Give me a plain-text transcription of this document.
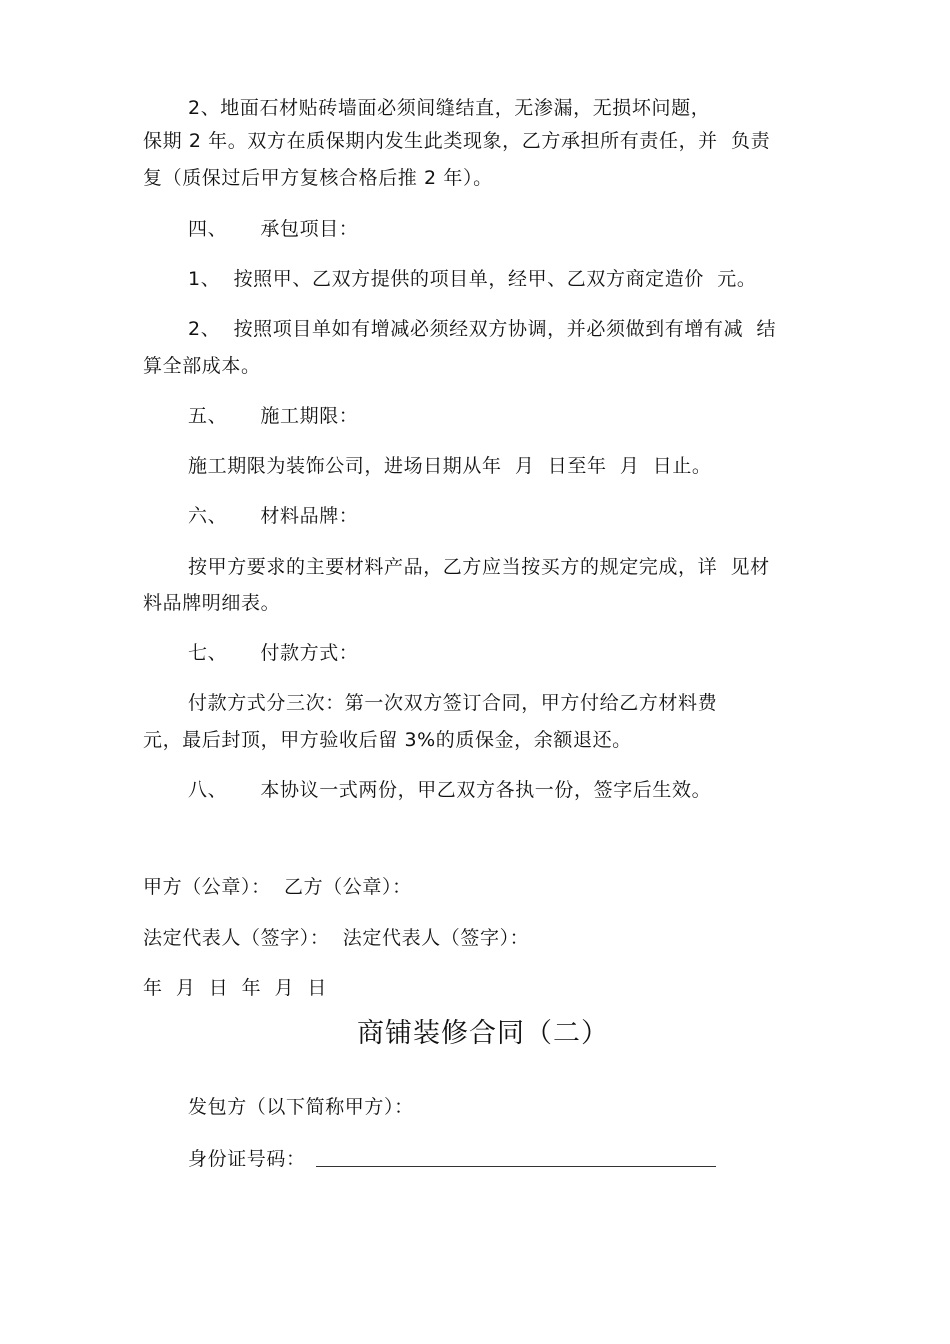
2、地面石材贴砖墙面必须间缝结直，无渗漏，无损坏问题，
保期 2 年。双方在质保期内发生此类现象，乙方承担所有责任，并  负责
复（质保过后甲方复核合格后推 2 年）。
四、     承包项目：
1、  按照甲、乙双方提供的项目单，经甲、乙双方商定造价  元。
2、  按照项目单如有增减必须经双方协调，并必须做到有增有减  结
算全部成本。
五、     施工期限：
施工期限为装饰公司，进场日期从年  月  日至年  月  日止。
六、     材料品牌：
按甲方要求的主要材料产品，乙方应当按买方的规定完成，详  见材
料品牌明细表。
七、     付款方式：
付款方式分三次：第一次双方签订合同，甲方付给乙方材料费
元，最后封顶，甲方验收后留 3%的质保金，余额退还。
八、     本协议一式两份，甲乙双方各执一份，签字后生效。
甲方（公章）：  乙方（公章）：
法定代表人（签字）：  法定代表人（签字）：
年  月  日  年  月  日
商铺装修合同（二）
发包方（以下简称甲方）：
身份证号码：
